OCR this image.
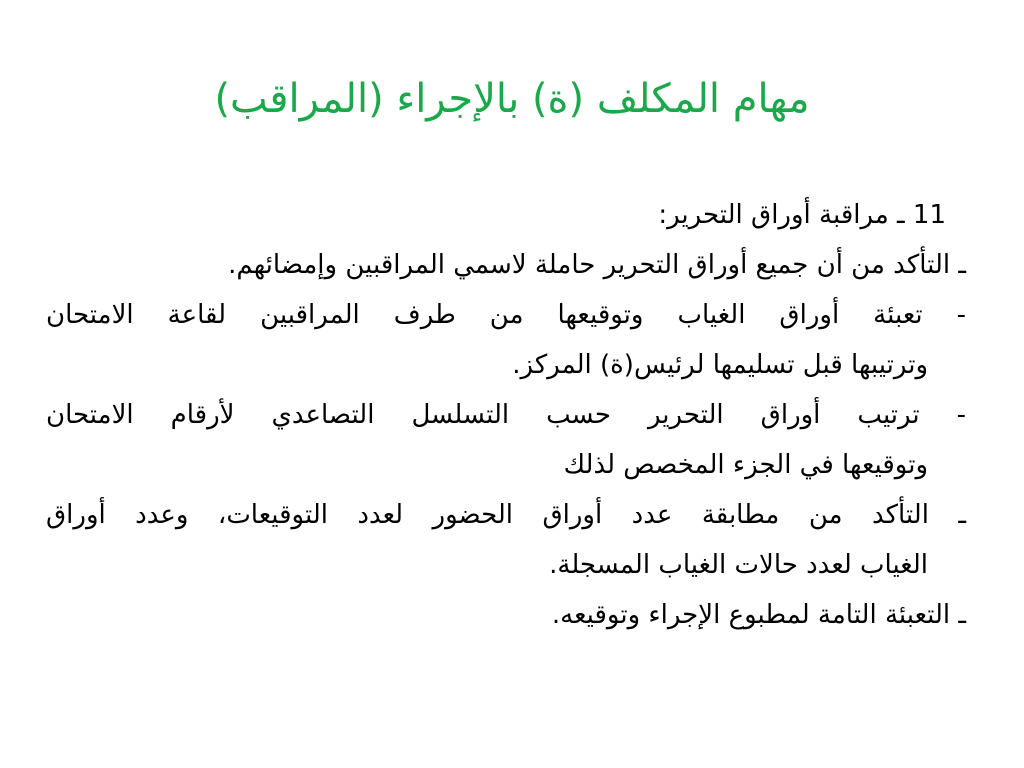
مهام المكلف (ة) بالإجراء (المراقب)
11 ـ مراقبة أوراق التحرير:
ـ التأكد من أن جميع أوراق التحرير حاملة لاسمي المراقبين وإمضائهم.
- تعبئة أوراق الغياب وتوقيعها من طرف المراقبين لقاعة الامتحان
وترتيبها قبل تسليمها لرئيس(ة) المركز.
- ترتيب أوراق التحرير حسب التسلسل التصاعدي لأرقام الامتحان
وتوقيعها في الجزء المخصص لذلك
ـ التأكد من مطابقة عدد أوراق الحضور لعدد التوقيعات، وعدد أوراق
الغياب لعدد حالات الغياب المسجلة.
ـ التعبئة التامة لمطبوع الإجراء وتوقيعه.
